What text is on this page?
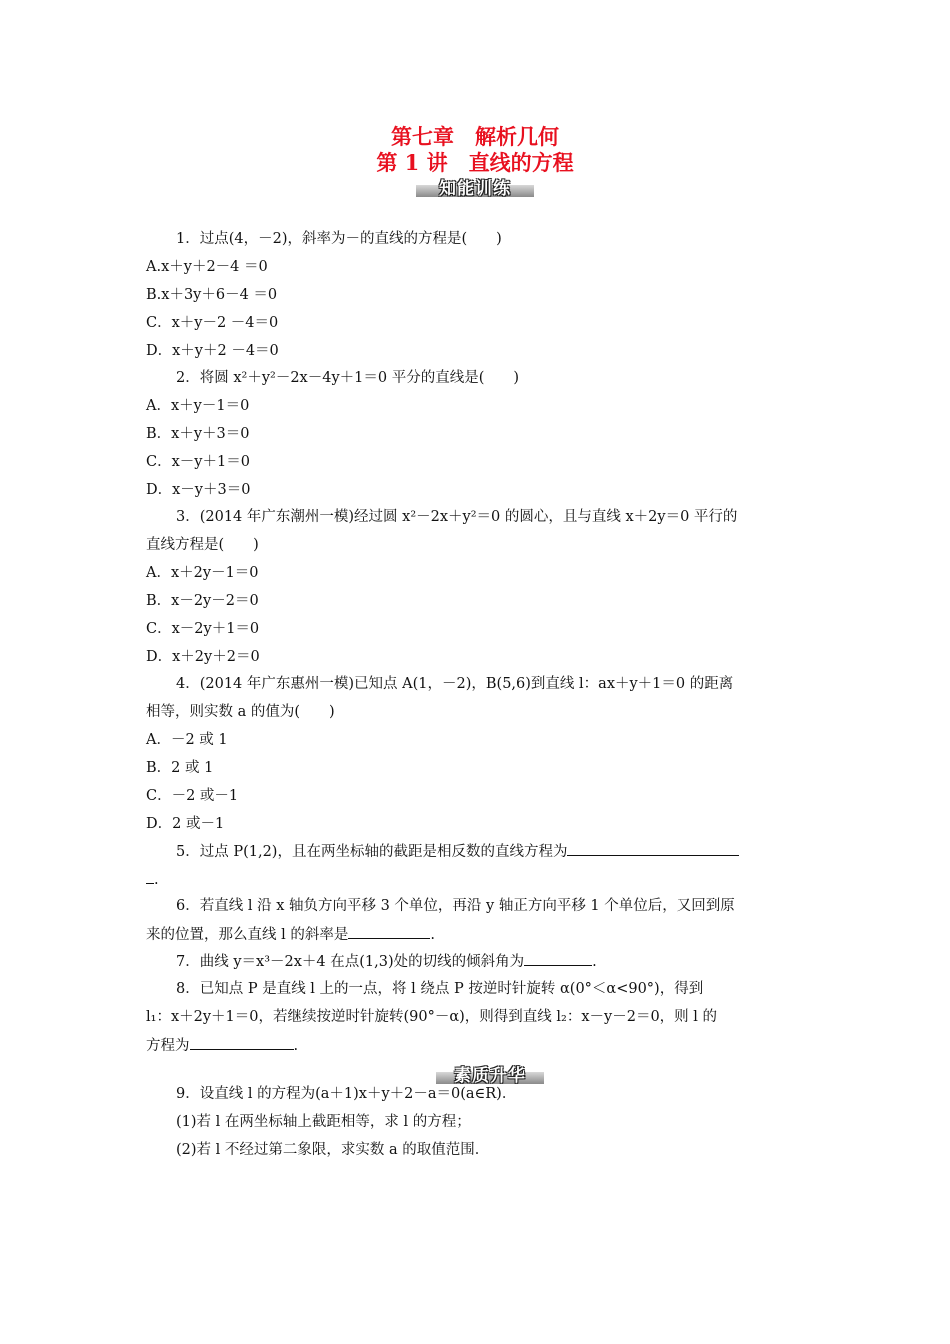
第七章　解析几何
第 1 讲　直线的方程
知能训练
1．过点(4，－2)，斜率为－的直线的方程是(　　)
A.x＋y＋2－4 ＝0
B.x＋3y＋6－4 ＝0
C．x＋y－2 －4＝0
D．x＋y＋2 －4＝0
2．将圆 x²＋y²－2x－4y＋1＝0 平分的直线是(　　)
A．x＋y－1＝0
B．x＋y＋3＝0
C．x－y＋1＝0
D．x－y＋3＝0
3．(2014 年广东潮州一模)经过圆 x²－2x＋y²＝0 的圆心，且与直线 x＋2y＝0 平行的
直线方程是(　　)
A．x＋2y－1＝0
B．x－2y－2＝0
C．x－2y＋1＝0
D．x＋2y＋2＝0
4．(2014 年广东惠州一模)已知点 A(1，－2)，B(5,6)到直线 l：ax＋y＋1＝0 的距离
相等，则实数 a 的值为(　　)
A．－2 或 1
B．2 或 1
C．－2 或－1
D．2 或－1
5．过点 P(1,2)，且在两坐标轴的截距是相反数的直线方程为
.
6．若直线 l 沿 x 轴负方向平移 3 个单位，再沿 y 轴正方向平移 1 个单位后，又回到原
来的位置，那么直线 l 的斜率是	.
7．曲线 y＝x³－2x＋4 在点(1,3)处的切线的倾斜角为	.
8．已知点 P 是直线 l 上的一点，将 l 绕点 P 按逆时针旋转 α(0°＜α<90°)，得到
l₁：x＋2y＋1＝0，若继续按逆时针旋转(90°－α)，则得到直线 l₂：x－y－2＝0，则 l 的
方程为	.
素质升华
9．设直线 l 的方程为(a＋1)x＋y＋2－a＝0(a∈R)．
(1)若 l 在两坐标轴上截距相等，求 l 的方程；
(2)若 l 不经过第二象限，求实数 a 的取值范围．
